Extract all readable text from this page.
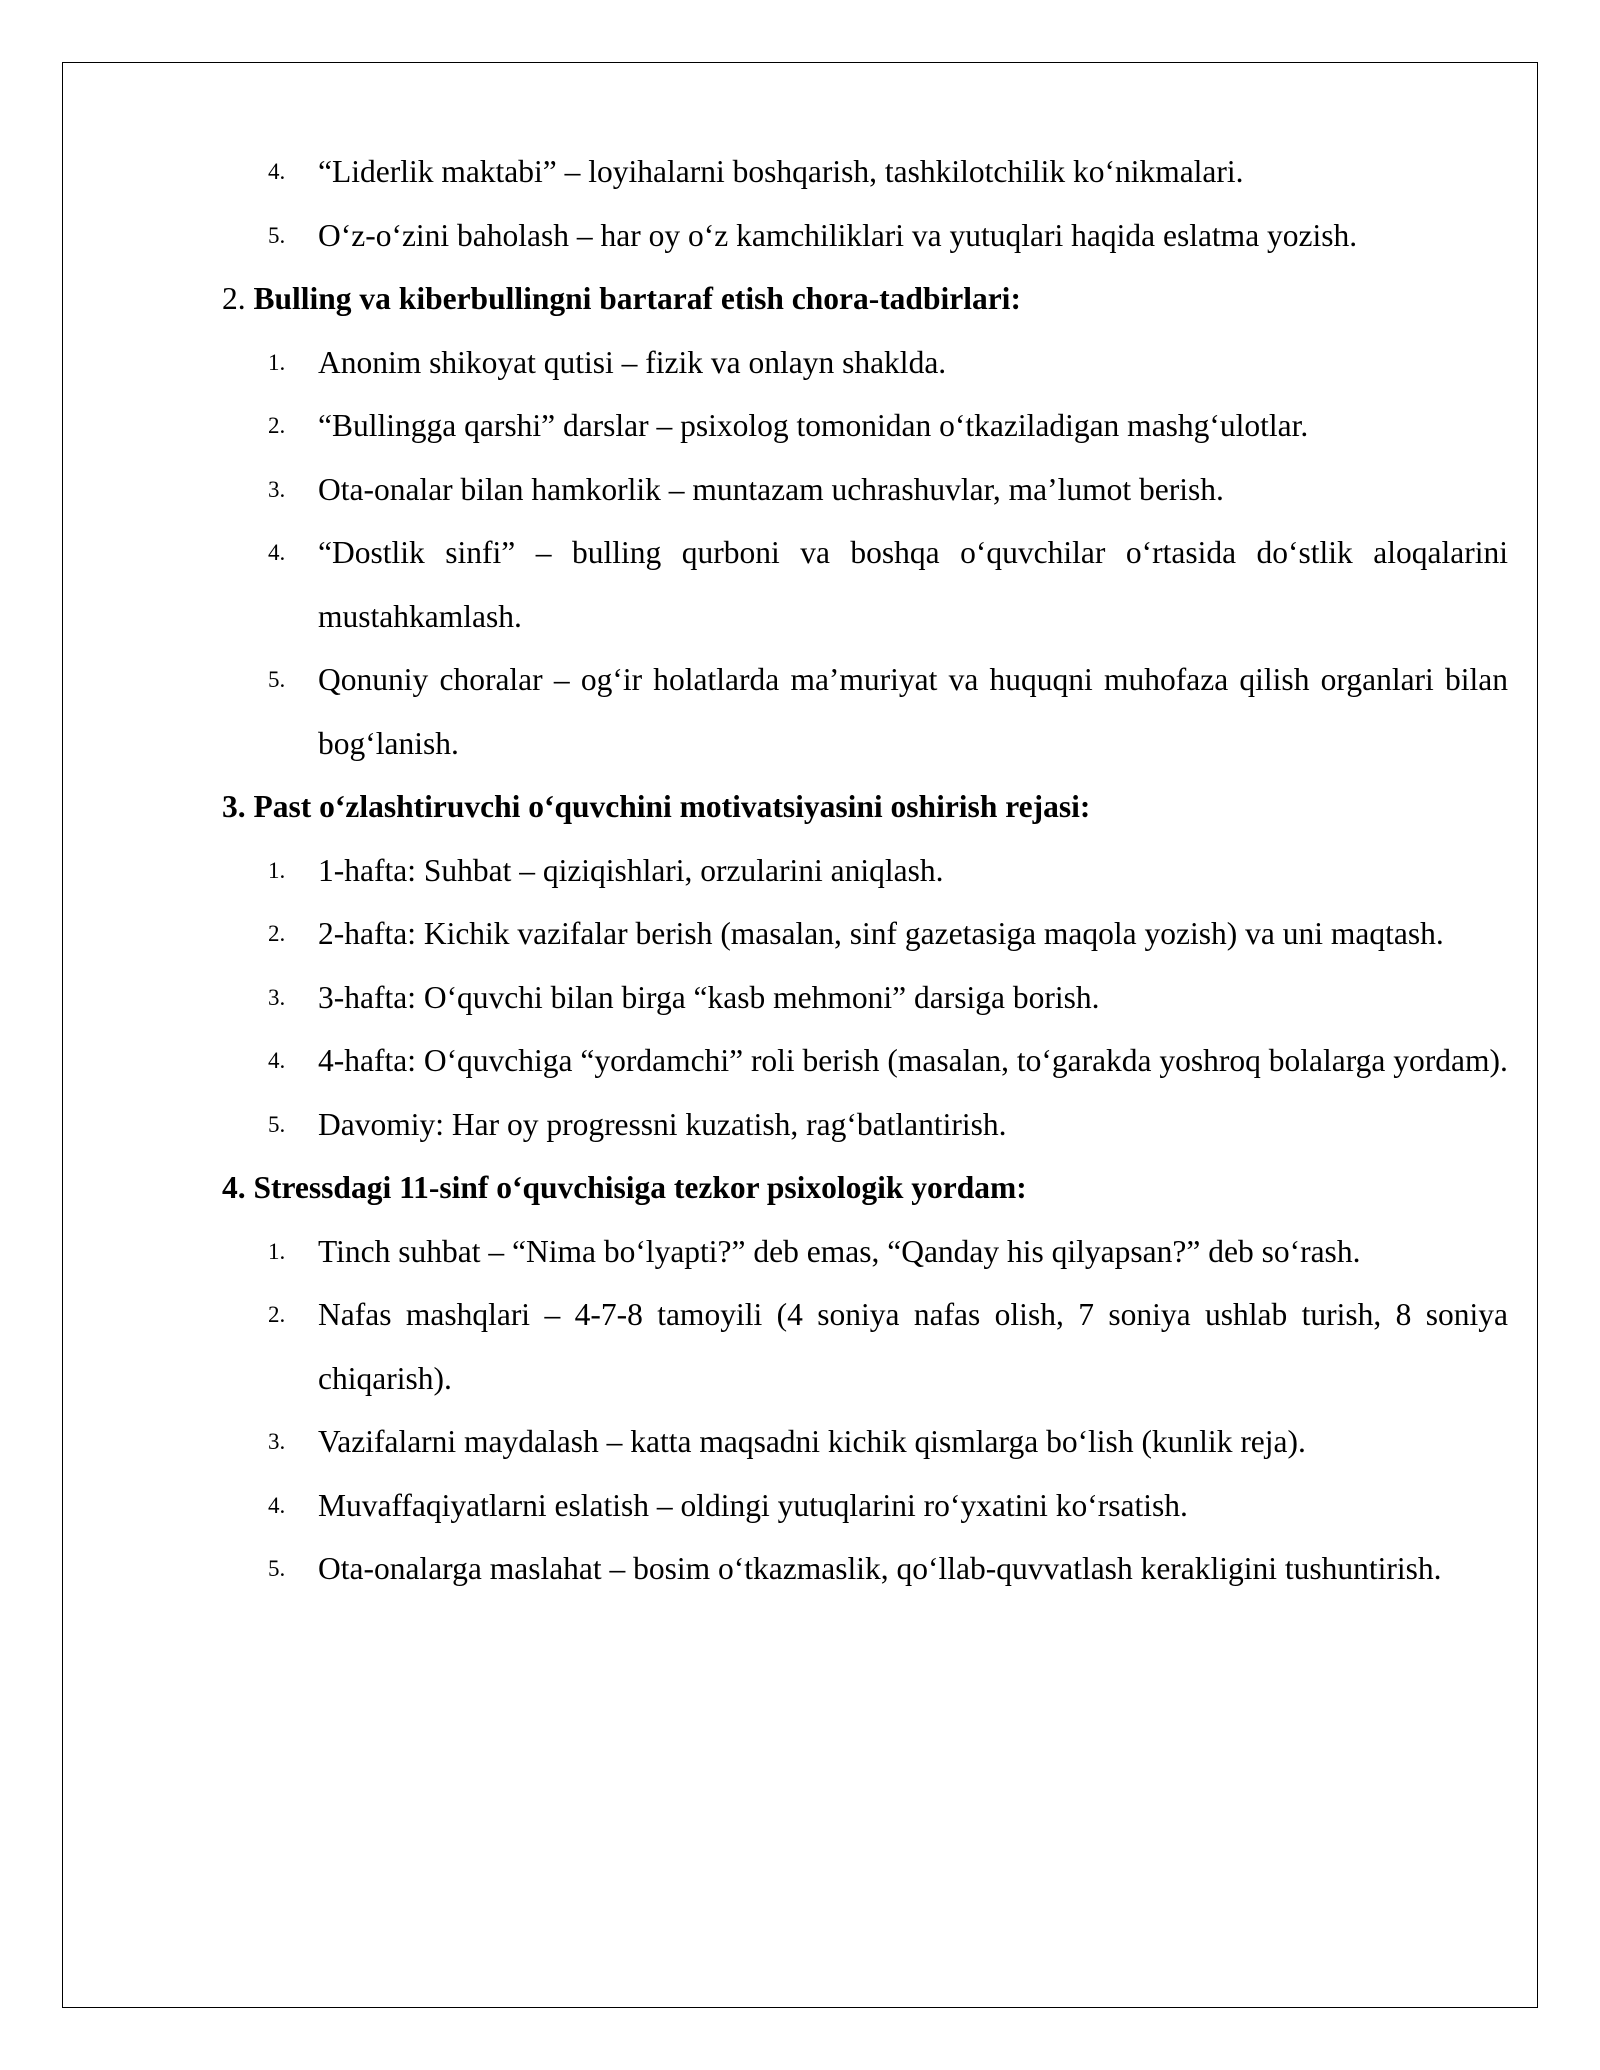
4. “Liderlik maktabi” – loyihalarni boshqarish, tashkilotchilik ko‘nikmalari.
5. O‘z-o‘zini baholash – har oy o‘z kamchiliklari va yutuqlari haqida eslatma yozish.
2. Bulling va kiberbullingni bartaraf etish chora-tadbirlari:
1. Anonim shikoyat qutisi – fizik va onlayn shaklda.
2. “Bullingga qarshi” darslar – psixolog tomonidan o‘tkaziladigan mashg‘ulotlar.
3. Ota-onalar bilan hamkorlik – muntazam uchrashuvlar, ma’lumot berish.
4. “Dostlik sinfi” – bulling qurboni va boshqa o‘quvchilar o‘rtasida do‘stlik aloqalarini mustahkamlash.
5. Qonuniy choralar – og‘ir holatlarda ma’muriyat va huquqni muhofaza qilish organlari bilan bog‘lanish.
3. Past o‘zlashtiruvchi o‘quvchini motivatsiyasini oshirish rejasi:
1. 1-hafta: Suhbat – qiziqishlari, orzularini aniqlash.
2. 2-hafta: Kichik vazifalar berish (masalan, sinf gazetasiga maqola yozish) va uni maqtash.
3. 3-hafta: O‘quvchi bilan birga “kasb mehmoni” darsiga borish.
4. 4-hafta: O‘quvchiga “yordamchi” roli berish (masalan, to‘garakda yoshroq bolalarga yordam).
5. Davomiy: Har oy progressni kuzatish, rag‘batlantirish.
4. Stressdagi 11-sinf o‘quvchisiga tezkor psixologik yordam:
1. Tinch suhbat – “Nima bo‘lyapti?” deb emas, “Qanday his qilyapsan?” deb so‘rash.
2. Nafas mashqlari – 4-7-8 tamoyili (4 soniya nafas olish, 7 soniya ushlab turish, 8 soniya chiqarish).
3. Vazifalarni maydalash – katta maqsadni kichik qismlarga bo‘lish (kunlik reja).
4. Muvaffaqiyatlarni eslatish – oldingi yutuqlarini ro‘yxatini ko‘rsatish.
5. Ota-onalarga maslahat – bosim o‘tkazmaslik, qo‘llab-quvvatlash kerakligini tushuntirish.
